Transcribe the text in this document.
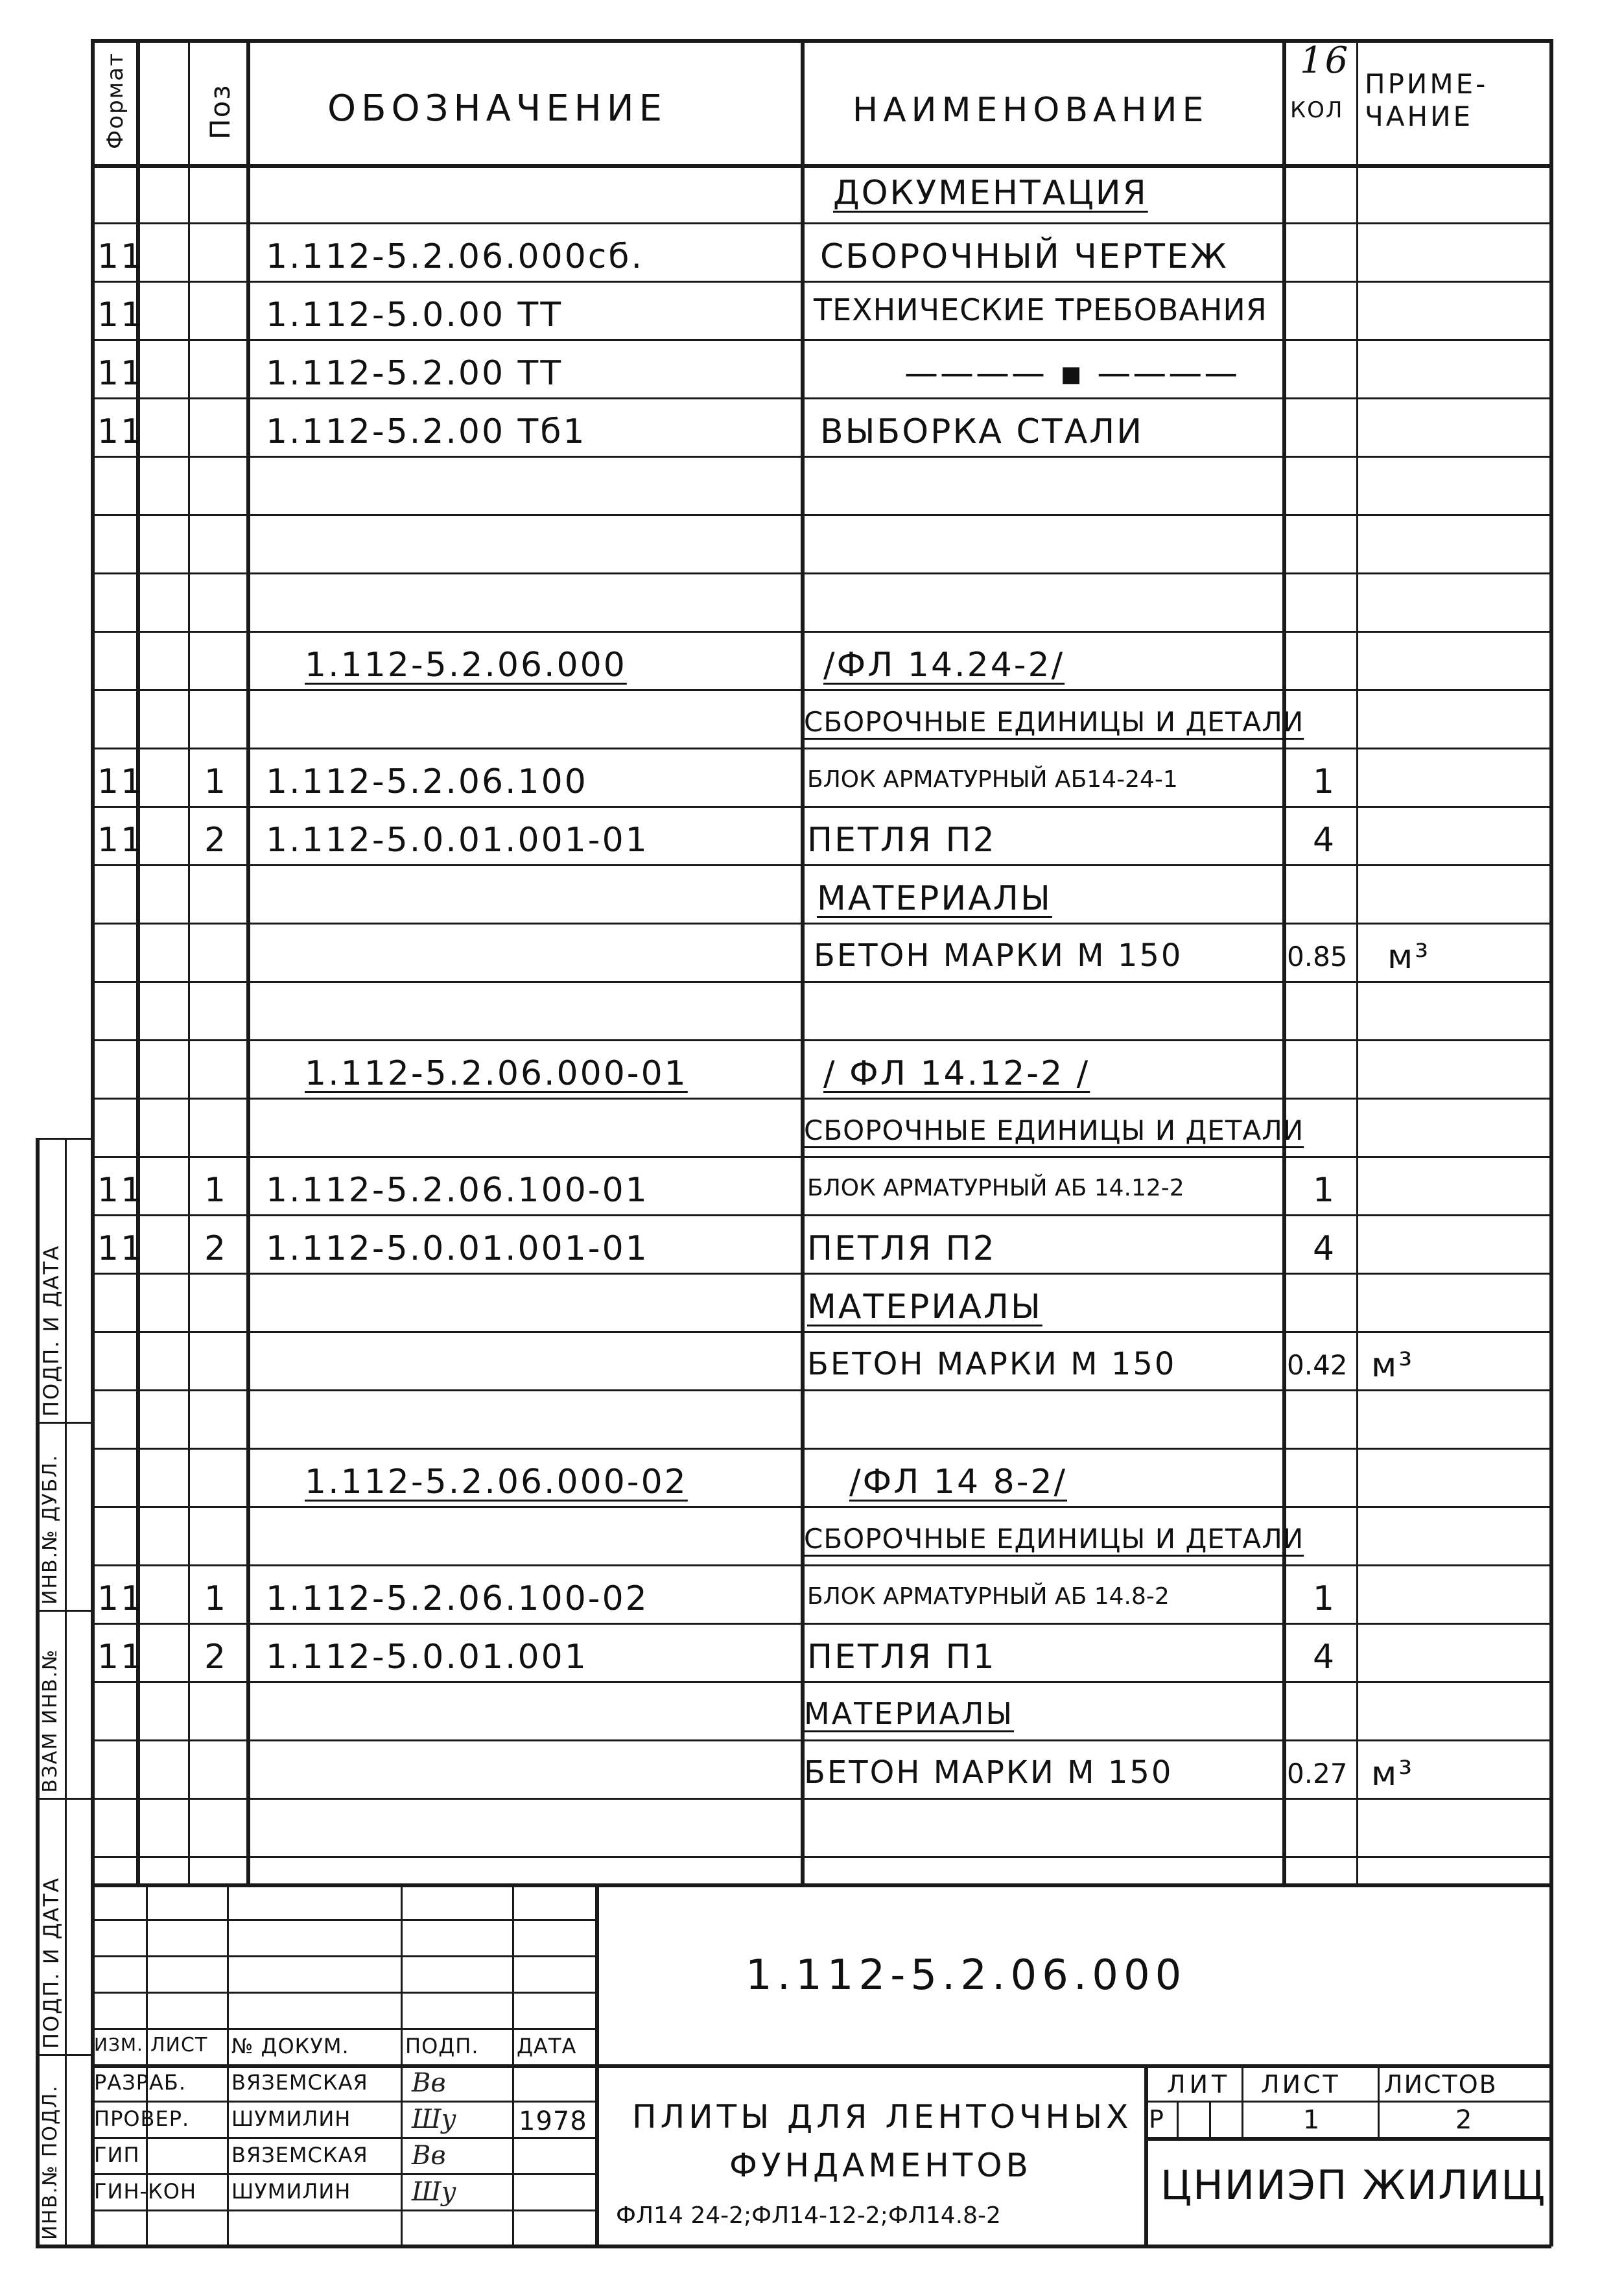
16
Формат	Поз	ОБОЗНАЧЕНИЕ	НАИМЕНОВАНИЕ	КОЛ
ПРИМЕ-
ЧАНИЕ
ДОКУМЕНТАЦИЯ
11	1.112-5.2.06.000сб.	СБОРОЧНЫЙ ЧЕРТЕЖ
11	1.112-5.0.00 ТТ	ТЕХНИЧЕСКИЕ ТРЕБОВАНИЯ
11	1.112-5.2.00 ТТ	———— ▪ ————
11	1.112-5.2.00 Тб1	ВЫБОРКА СТАЛИ
1.112-5.2.06.000	/ФЛ 14.24-2/
СБОРОЧНЫЕ ЕДИНИЦЫ И ДЕТАЛИ
11 1 1.112-5.2.06.100	БЛОК АРМАТУРНЫЙ АБ14-24-1	1
11 2 1.112-5.0.01.001-01	ПЕТЛЯ П2	4
МАТЕРИАЛЫ
БЕТОН МАРКИ М 150	0.85 м³
1.112-5.2.06.000-01	/ ФЛ 14.12-2 /
СБОРОЧНЫЕ ЕДИНИЦЫ И ДЕТАЛИ
11 1 1.112-5.2.06.100-01	БЛОК АРМАТУРНЫЙ АБ 14.12-2	1
11 2 1.112-5.0.01.001-01	ПЕТЛЯ П2	4
МАТЕРИАЛЫ
БЕТОН МАРКИ М 150	0.42 м³
1.112-5.2.06.000-02	/ФЛ 14 8-2/
СБОРОЧНЫЕ ЕДИНИЦЫ И ДЕТАЛИ
11 1 1.112-5.2.06.100-02	БЛОК АРМАТУРНЫЙ АБ 14.8-2	1
11 2 1.112-5.0.01.001	ПЕТЛЯ П1	4
МАТЕРИАЛЫ
БЕТОН МАРКИ М 150	0.27 м³
ИНВ.№ ПОДЛ.
ПОДП. И ДАТА
ВЗАМ ИНВ.№
ИНВ.№ ДУБЛ.
ПОДП. И ДАТА
ИЗМ. ЛИСТ № ДОКУМ.	ПОДП. ДАТА
РАЗРАБ. ВЯЗЕМСКАЯ Вв
ПРОВЕР. ШУМИЛИН Шу 1978
ГИП	ВЯЗЕМСКАЯ Вв
ГИН-КОН ШУМИЛИН Шу
1.112-5.2.06.000
ПЛИТЫ ДЛЯ ЛЕНТОЧНЫХ
ФУНДАМЕНТОВ
ФЛ14 24-2;ФЛ14-12-2;ФЛ14.8-2
ЛИТ ЛИСТ ЛИСТОВ
Р	1	2
ЦНИИЭП ЖИЛИЩ
